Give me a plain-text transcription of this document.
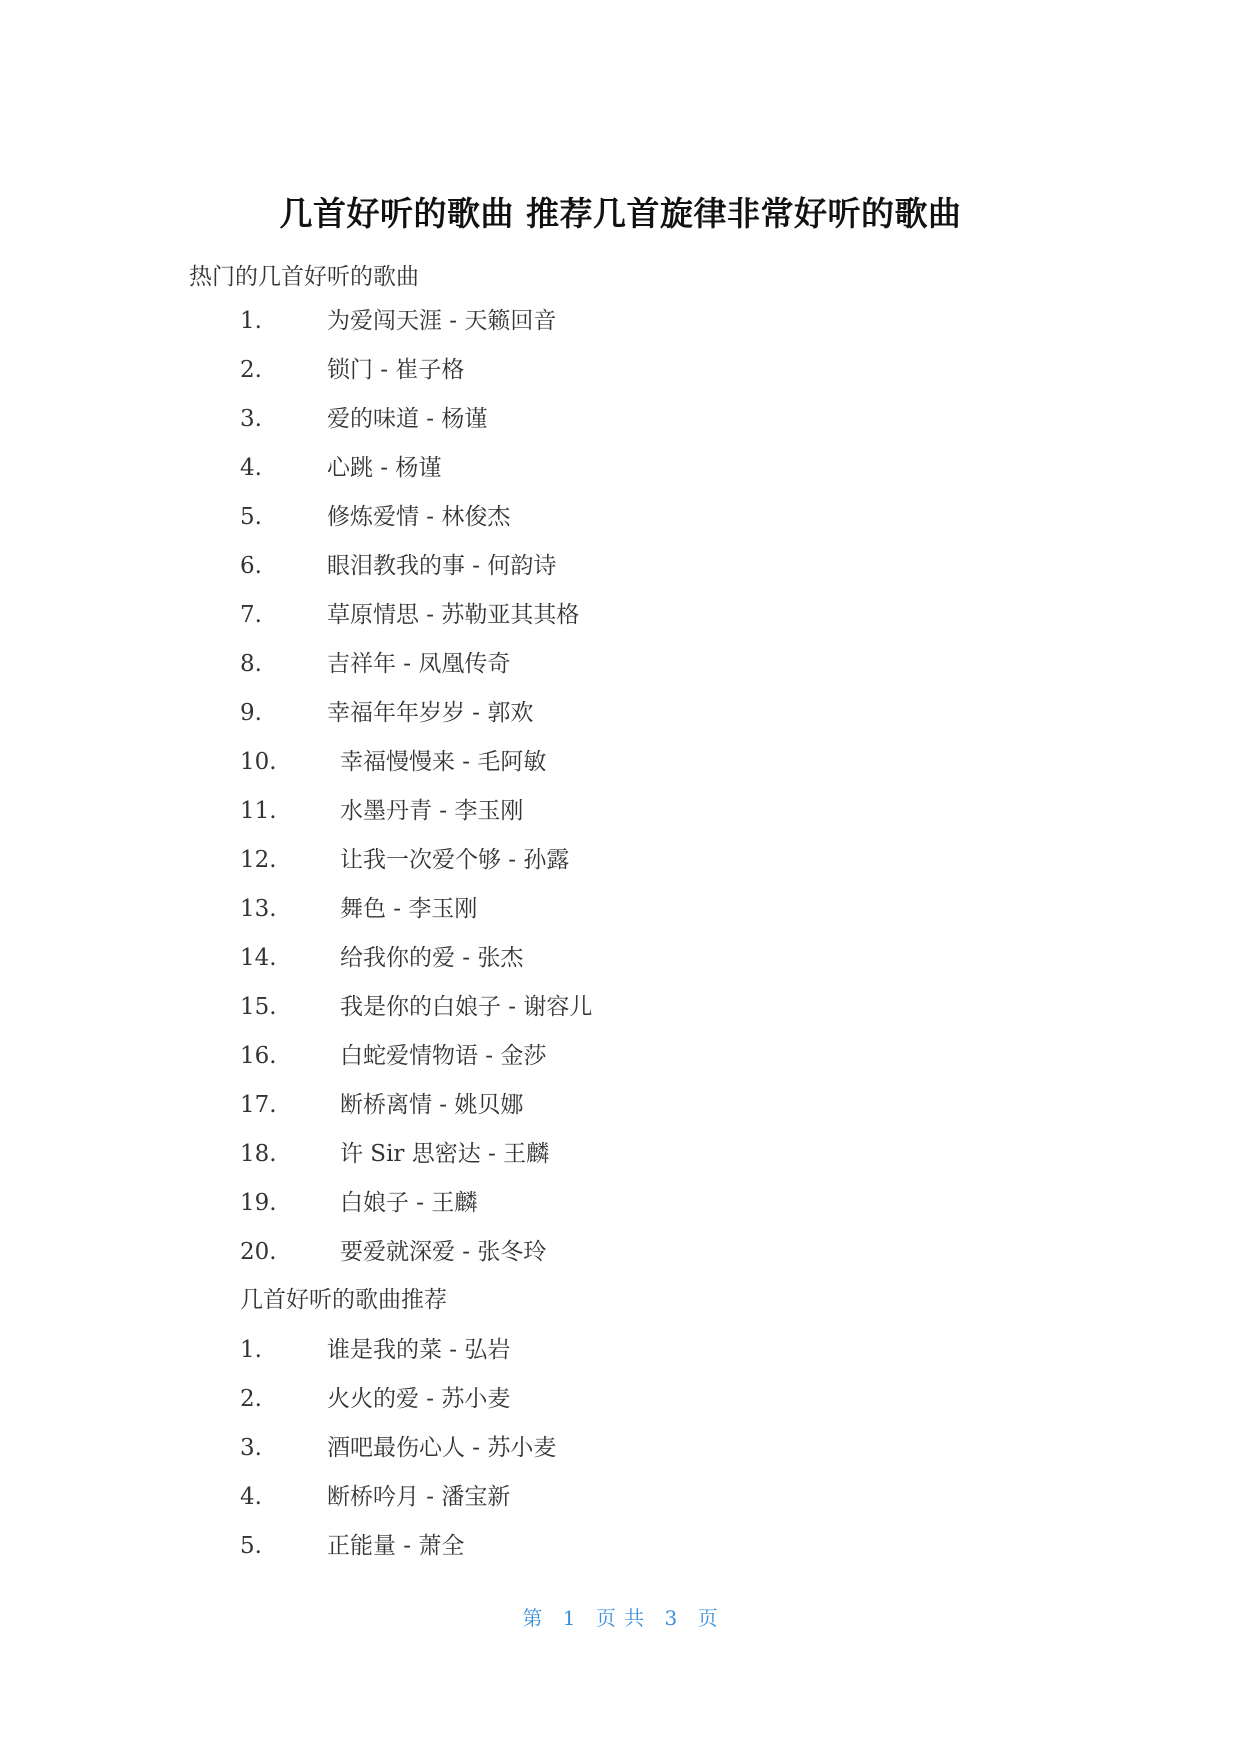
几首好听的歌曲 推荐几首旋律非常好听的歌曲

热门的几首好听的歌曲

1.	为爱闯天涯 - 天籁回音
2.	锁门 - 崔子格
3.	爱的味道 - 杨谨
4.	心跳 - 杨谨
5.	修炼爱情 - 林俊杰
6.	眼泪教我的事 - 何韵诗
7.	草原情思 - 苏勒亚其其格
8.	吉祥年 - 凤凰传奇
9.	幸福年年岁岁 - 郭欢
10.	幸福慢慢来 - 毛阿敏
11.	水墨丹青 - 李玉刚
12.	让我一次爱个够 - 孙露
13.	舞色 - 李玉刚
14.	给我你的爱 - 张杰
15.	我是你的白娘子 - 谢容儿
16.	白蛇爱情物语 - 金莎
17.	断桥离情 - 姚贝娜
18.	许 Sir 思密达 - 王麟
19.	白娘子 - 王麟
20.	要爱就深爱 - 张冬玲

几首好听的歌曲推荐

1.	谁是我的菜 - 弘岩
2.	火火的爱 - 苏小麦
3.	酒吧最伤心人 - 苏小麦
4.	断桥吟月 - 潘宝新
5.	正能量 - 萧全
第 1 页 共 3 页
